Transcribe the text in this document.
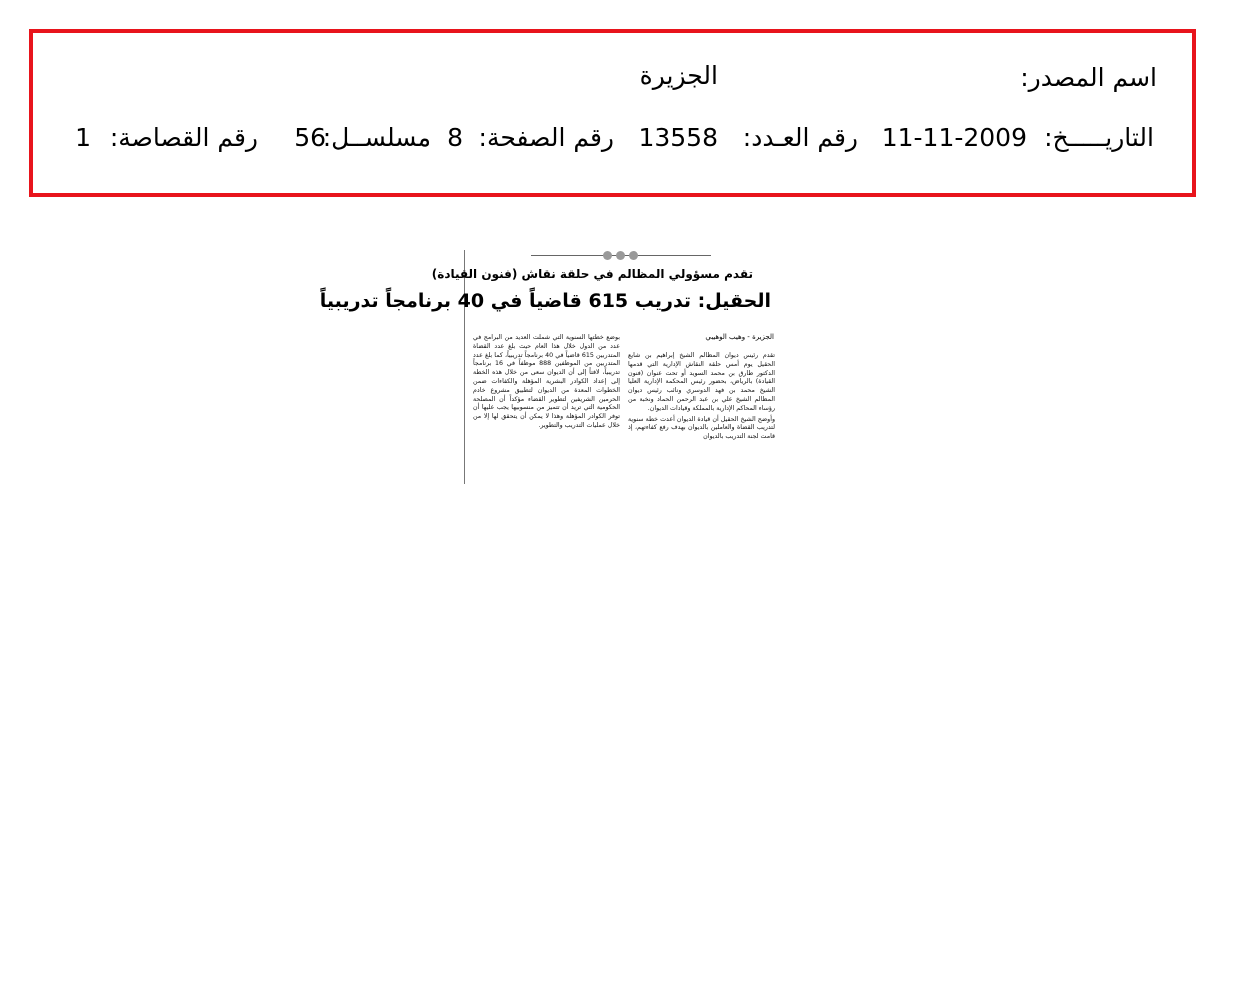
اسم المصدر:
الجزيرة
التاريـــــخ:
11-11-2009
رقم العـدد:
13558
رقم الصفحة:
8
مسلســل:
56
رقم القصاصة:
1
تقدم مسؤولي المظالم في حلقة نقاش (فنون القيادة)
الحقيل: تدريب 615 قاضياً في 40 برنامجاً تدريبياً
الجزيرة - وهيب الوهيبي

تقدم رئيس ديوان المظالم الشيخ إبراهيم بن شايع الحقيل يوم أمس حلقة النقاش الإدارية التي قدمها الدكتور طارق بن محمد السويد أو تحت عنوان (فنون القيادة) بالرياض، بحضور رئيس المحكمة الإدارية العليا الشيخ محمد بن فهد الدوسري ونائب رئيس ديوان المظالم الشيخ علي بن عبد الرحمن الحماد ونخبة من رؤساء المحاكم الإدارية بالمملكة وقيادات الديوان.

وأوضح الشيخ الحقيل أن قيادة الديوان أعدت خطة سنوية لتدريب القضاة والعاملين بالديوان بهدف رفع كفاءتهم، إذ قامت لجنة التدريب بالديوان

بوضع خطتها السنوية التي شملت العديد من البرامج في عدد من الدول خلال هذا العام حيث بلغ عدد القضاة المتدربين 615 قاضياً في 40 برنامجاً تدريبياً، كما بلغ عدد المتدربين من الموظفين 888 موظفاً في 16 برنامجاً تدريبياً، لافتاً إلى أن الديوان سعى من خلال هذه الخطة إلى إعداد الكوادر البشرية المؤهلة والكفاءات ضمن الخطوات المعدة من الديوان لتطبيق مشروع خادم الحرمين الشريفين لتطوير القضاء مؤكداً أن المصلحة الحكومية التي تريد أن تتميز من منسوبيها يجب عليها أن توفر الكوادر المؤهلة وهذا لا يمكن أن يتحقق لها إلا من خلال عمليات التدريب والتطوير.
